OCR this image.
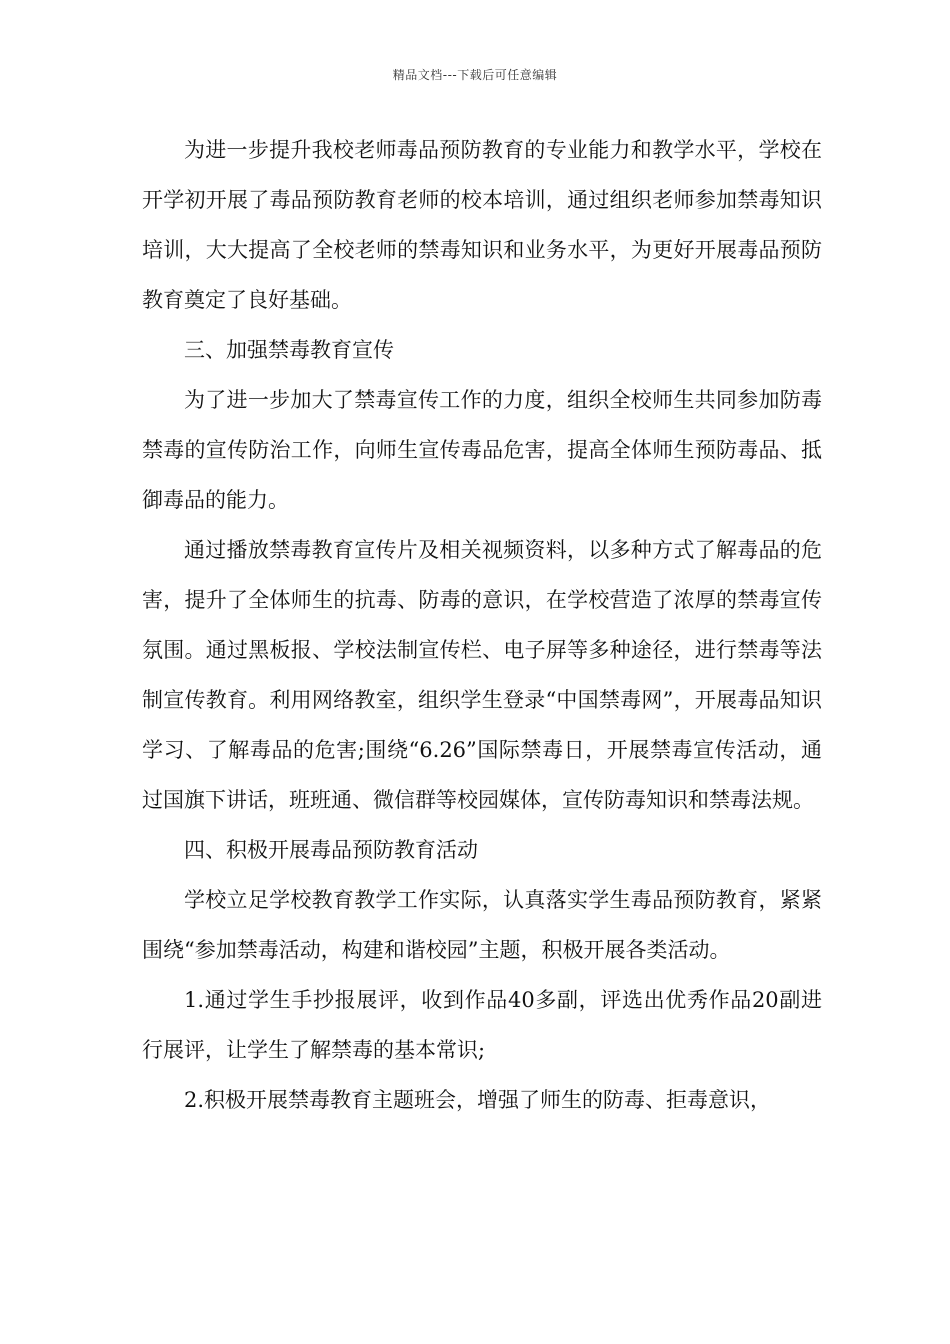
精品文档---下载后可任意编辑

为进一步提升我校老师毒品预防教育的专业能力和教学水平，学校在开学初开展了毒品预防教育老师的校本培训，通过组织老师参加禁毒知识培训，大大提高了全校老师的禁毒知识和业务水平，为更好开展毒品预防教育奠定了良好基础。

三、加强禁毒教育宣传

为了进一步加大了禁毒宣传工作的力度，组织全校师生共同参加防毒禁毒的宣传防治工作，向师生宣传毒品危害，提高全体师生预防毒品、抵御毒品的能力。

通过播放禁毒教育宣传片及相关视频资料，以多种方式了解毒品的危害，提升了全体师生的抗毒、防毒的意识，在学校营造了浓厚的禁毒宣传氛围。通过黑板报、学校法制宣传栏、电子屏等多种途径，进行禁毒等法制宣传教育。利用网络教室，组织学生登录“中国禁毒网”，开展毒品知识学习、了解毒品的危害;围绕“6.26”国际禁毒日，开展禁毒宣传活动，通过国旗下讲话，班班通、微信群等校园媒体，宣传防毒知识和禁毒法规。

四、积极开展毒品预防教育活动

学校立足学校教育教学工作实际，认真落实学生毒品预防教育，紧紧围绕“参加禁毒活动，构建和谐校园”主题，积极开展各类活动。

1.通过学生手抄报展评，收到作品40多副，评选出优秀作品20副进行展评，让学生了解禁毒的基本常识;

2.积极开展禁毒教育主题班会，增强了师生的防毒、拒毒意识，
